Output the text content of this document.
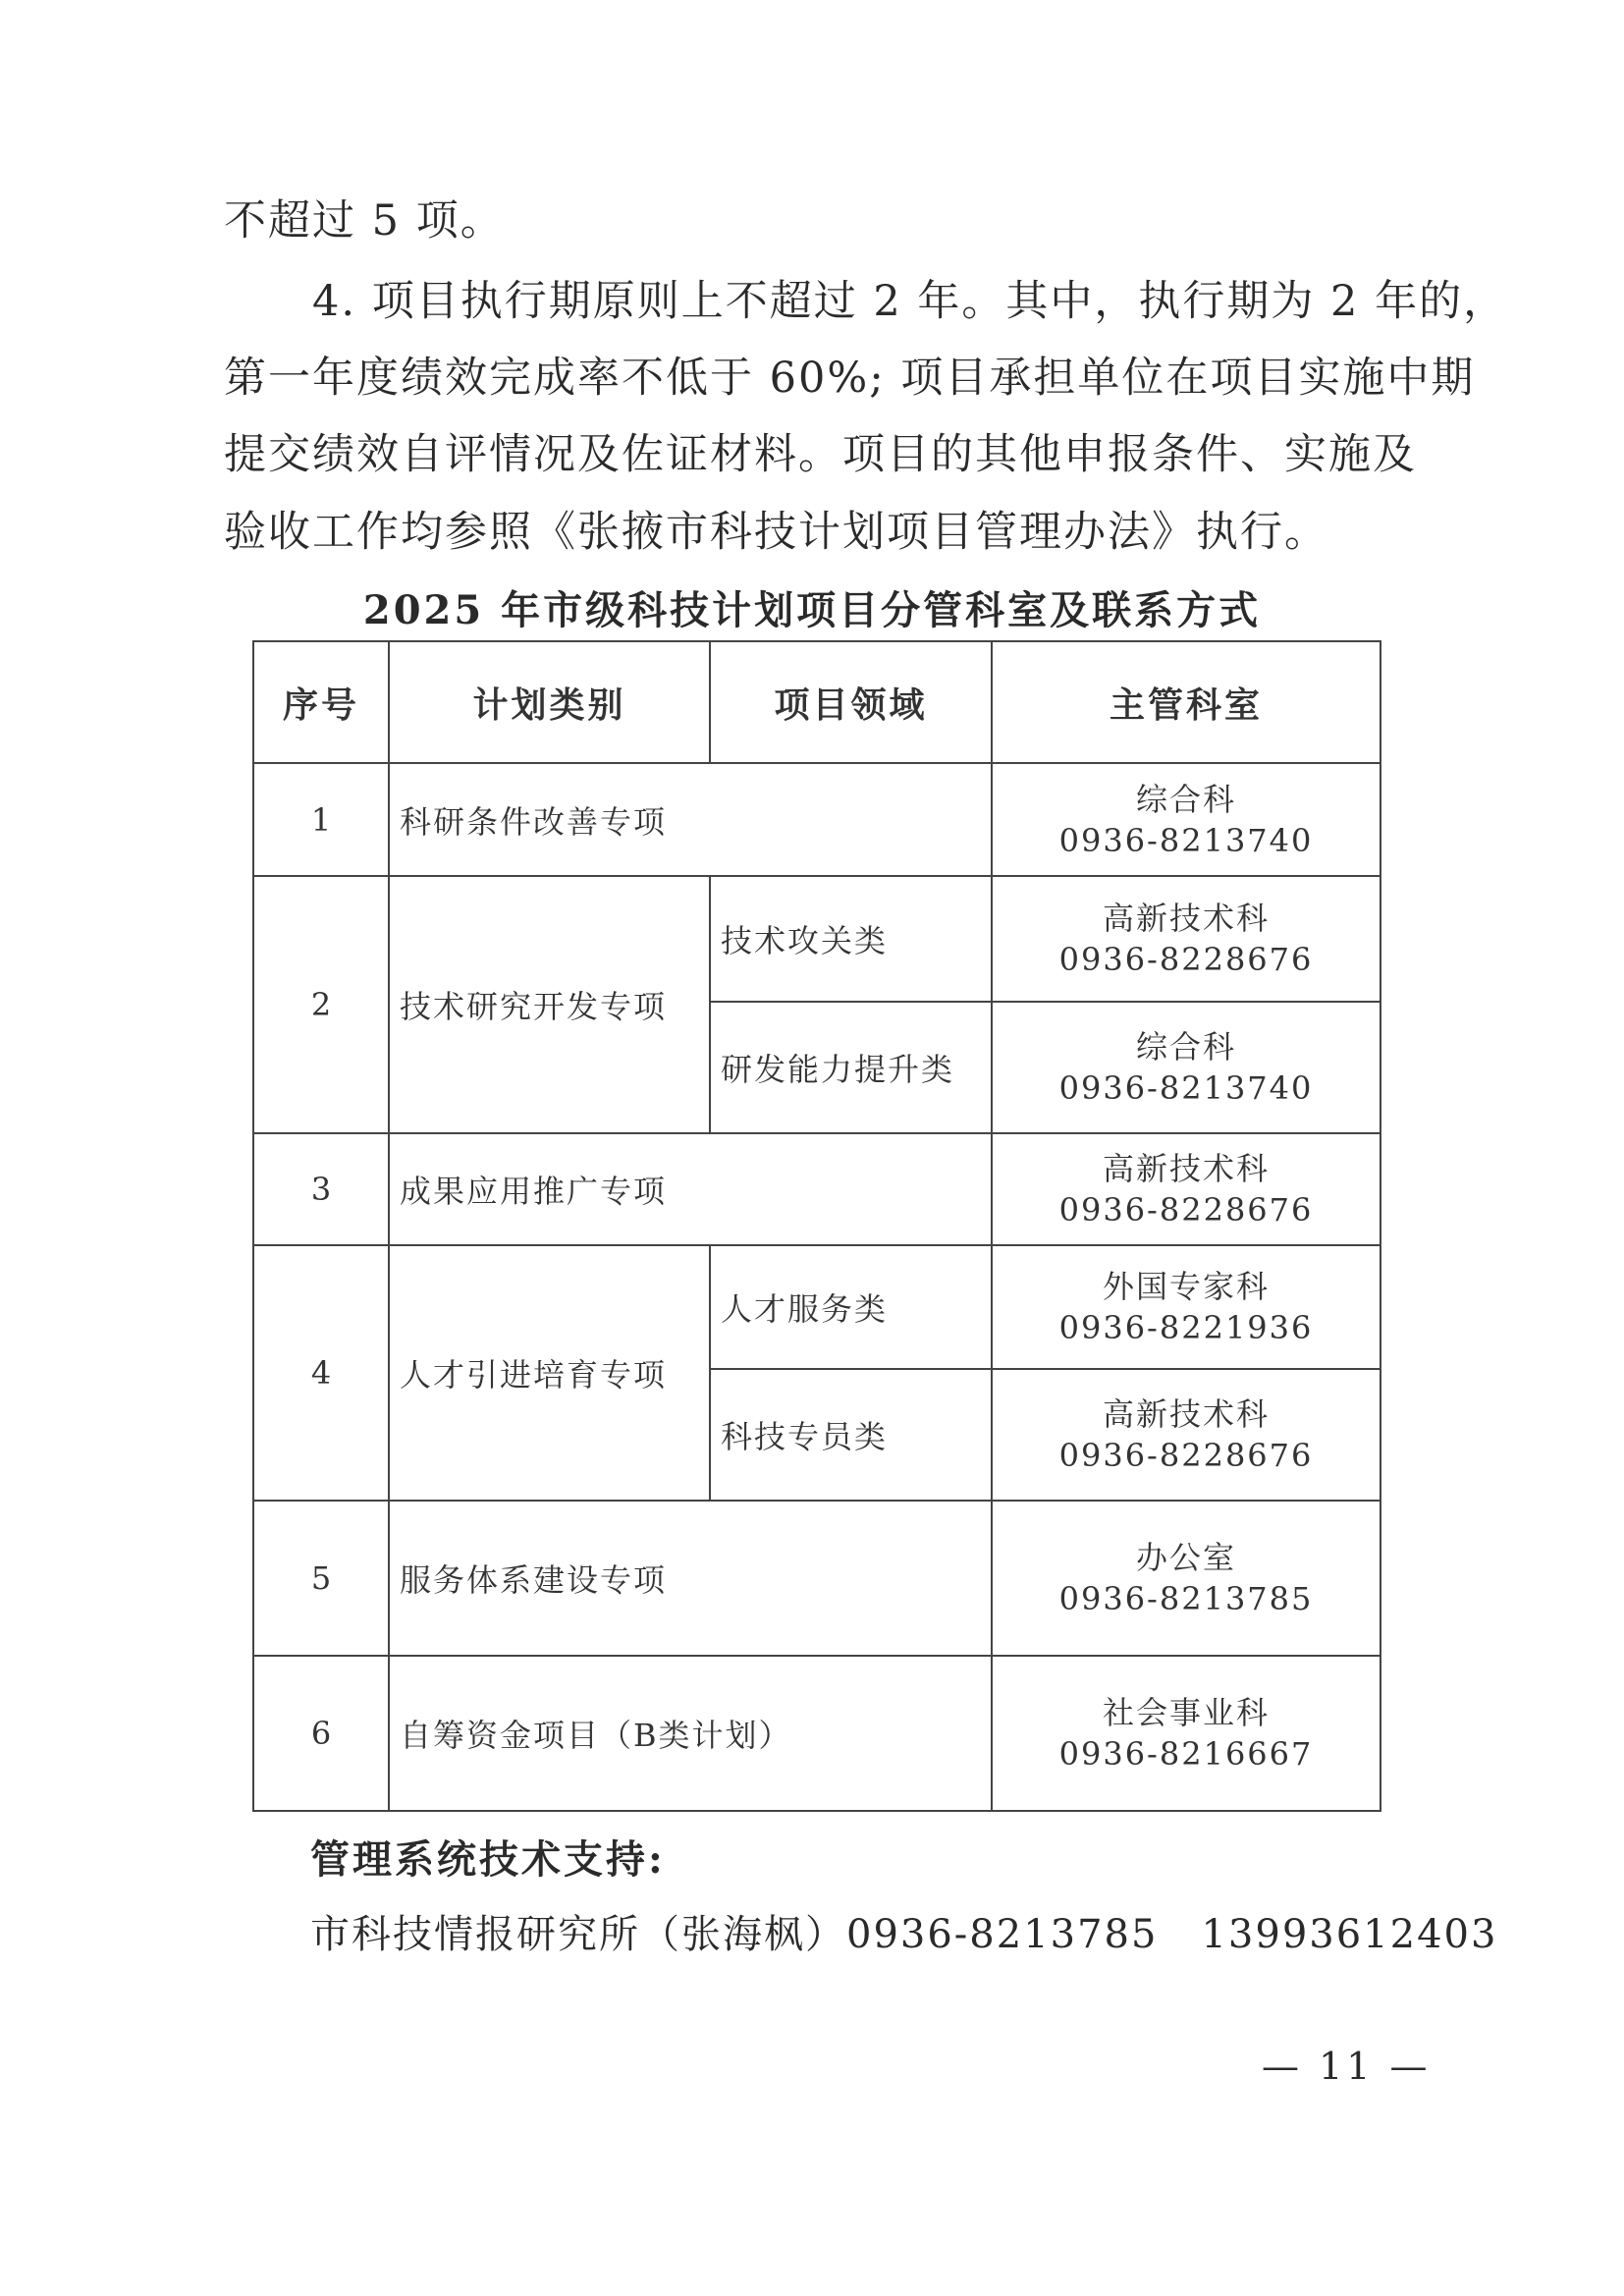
不超过 5 项。
4. 项目执行期原则上不超过 2 年。其中，执行期为 2 年的，
第一年度绩效完成率不低于 60%; 项目承担单位在项目实施中期
提交绩效自评情况及佐证材料。项目的其他申报条件、实施及
验收工作均参照《张掖市科技计划项目管理办法》执行。
2025 年市级科技计划项目分管科室及联系方式
序号	计划类别	项目领域	主管科室
1	科研条件改善专项		综合科
0936-8213740

2	技术研究开发专项	技术攻关类	高新技术科
0936-8228676

		研发能力提升类	综合科
0936-8213740

3	成果应用推广专项		高新技术科
0936-8228676

4	人才引进培育专项	人才服务类	外国专家科
0936-8221936

		科技专员类	高新技术科
0936-8228676

5	服务体系建设专项		办公室
0936-8213785

6	自筹资金项目（B类计划）		社会事业科
0936-8216667
管理系统技术支持:
市科技情报研究所（张海枫）0936-8213785 13993612403
— 11 —
